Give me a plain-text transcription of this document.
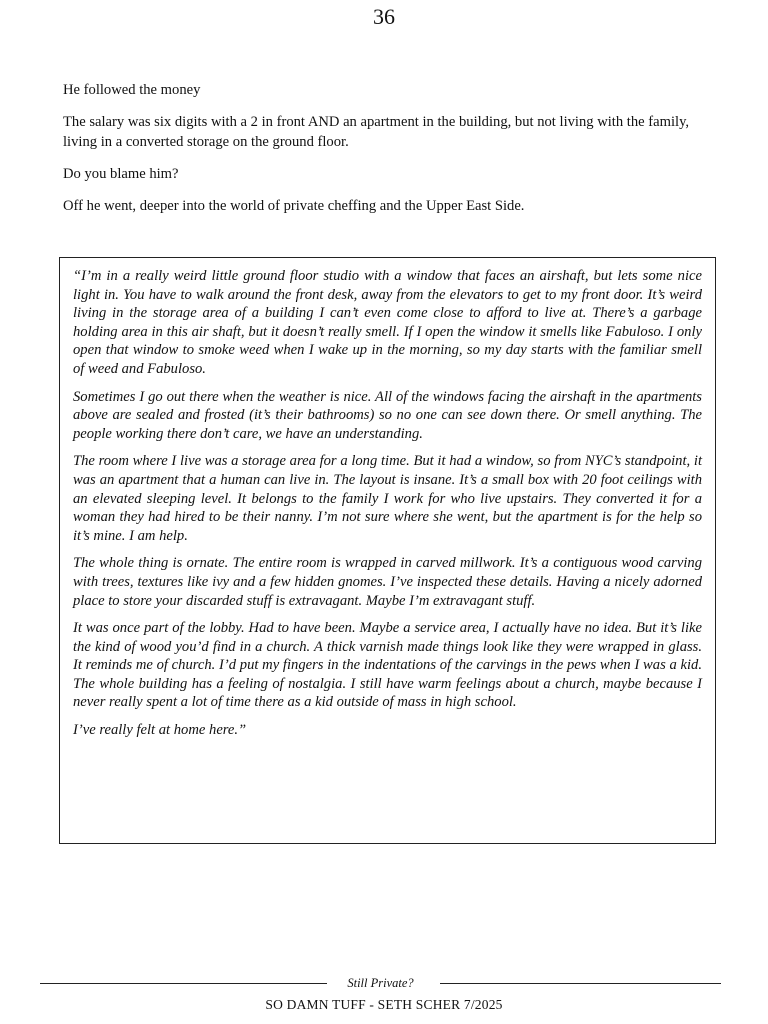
36

He followed the money

The salary was six digits with a 2 in front AND an apartment in the building, but not living with the family, living in a converted storage on the ground floor.

Do you blame him?

Off he went, deeper into the world of private cheffing and the Upper East Side.

“I’m in a really weird little ground floor studio with a window that faces an airshaft, but lets some nice light in. You have to walk around the front desk, away from the elevators to get to my front door. It’s weird living in the storage area of a building I can’t even come close to afford to live at. There’s a garbage holding area in this air shaft, but it doesn’t really smell. If I open the window it smells like Fabuloso. I only open that window to smoke weed when I wake up in the morning, so my day starts with the familiar smell of weed and Fabuloso.

Sometimes I go out there when the weather is nice. All of the windows facing the airshaft in the apartments above are sealed and frosted (it’s their bathrooms) so no one can see down there. Or smell anything. The people working there don’t care, we have an understanding.

The room where I live was a storage area for a long time. But it had a window, so from NYC’s standpoint, it was an apartment that a human can live in. The layout is insane. It’s a small box with 20 foot ceilings with an elevated sleeping level. It belongs to the family I work for who live upstairs. They converted it for a woman they had hired to be their nanny. I’m not sure where she went, but the apartment is for the help so it’s mine. I am help.

The whole thing is ornate. The entire room is wrapped in carved millwork. It’s a contiguous wood carving with trees, textures like ivy and a few hidden gnomes. I’ve inspected these details. Having a nicely adorned place to store your discarded stuff is extravagant. Maybe I’m extravagant stuff.

It was once part of the lobby. Had to have been. Maybe a service area, I actually have no idea. But it’s like the kind of wood you’d find in a church. A thick varnish made things look like they were wrapped in glass. It reminds me of church. I’d put my fingers in the indentations of the carvings in the pews when I was a kid. The whole building has a feeling of nostalgia. I still have warm feelings about a church, maybe because I never really spent a lot of time there as a kid outside of mass in high school.

I’ve really felt at home here.”

Still Private?
SO DAMN TUFF - SETH SCHER 7/2025
